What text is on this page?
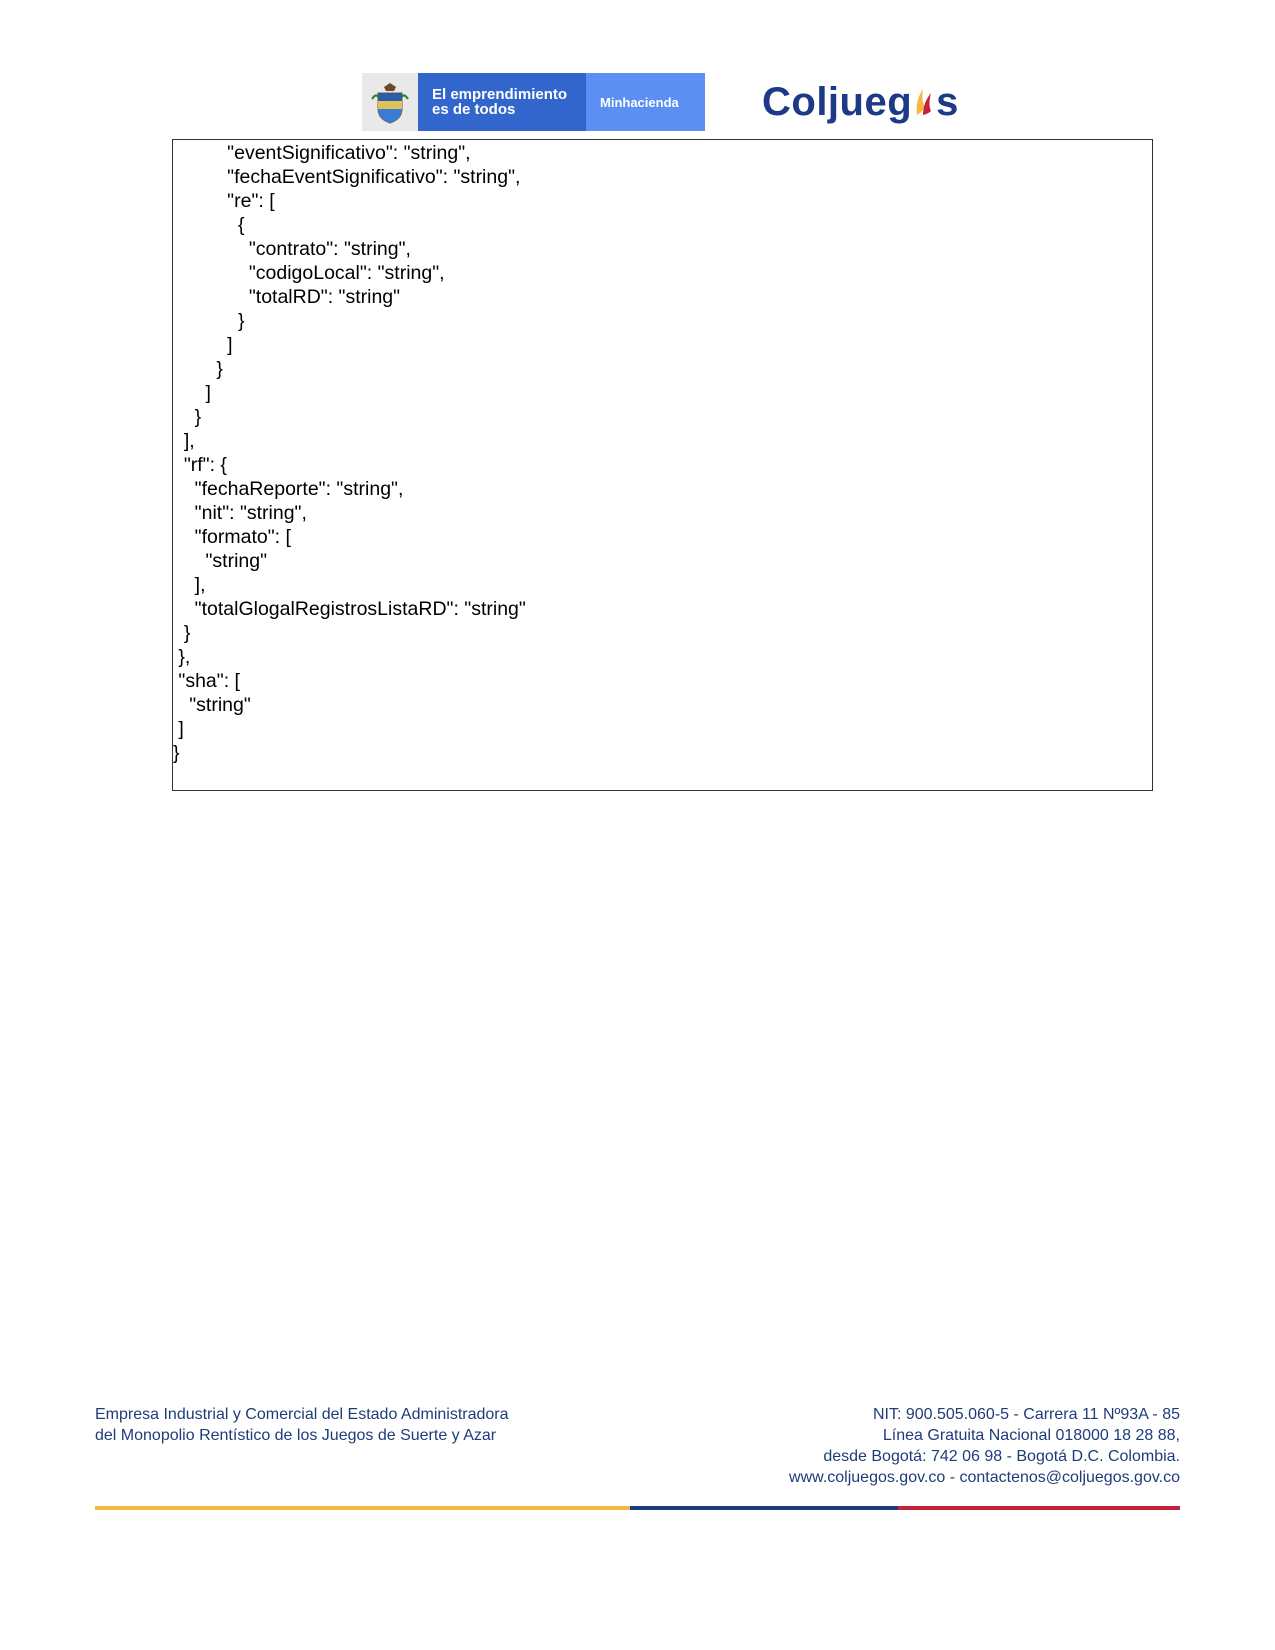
El emprendimiento
es de todos	Minhacienda	Coljueg s
"eventSignificativo": "string",
"fechaEventSignificativo": "string",
"re": [
{
"contrato": "string",
"codigoLocal": "string",
"totalRD": "string"
}
]
}
]
}
],
"rf": {
"fechaReporte": "string",
"nit": "string",
"formato": [
"string"
],
"totalGlogalRegistrosListaRD": "string"
}
},
"sha": [
"string"
]
}
Empresa Industrial y Comercial del Estado Administradora
del Monopolio Rentístico de los Juegos de Suerte y Azar
NIT: 900.505.060-5 - Carrera 11 Nº93A - 85
Línea Gratuita Nacional 018000 18 28 88,
desde Bogotá: 742 06 98 - Bogotá D.C. Colombia.
www.coljuegos.gov.co - contactenos@coljuegos.gov.co
